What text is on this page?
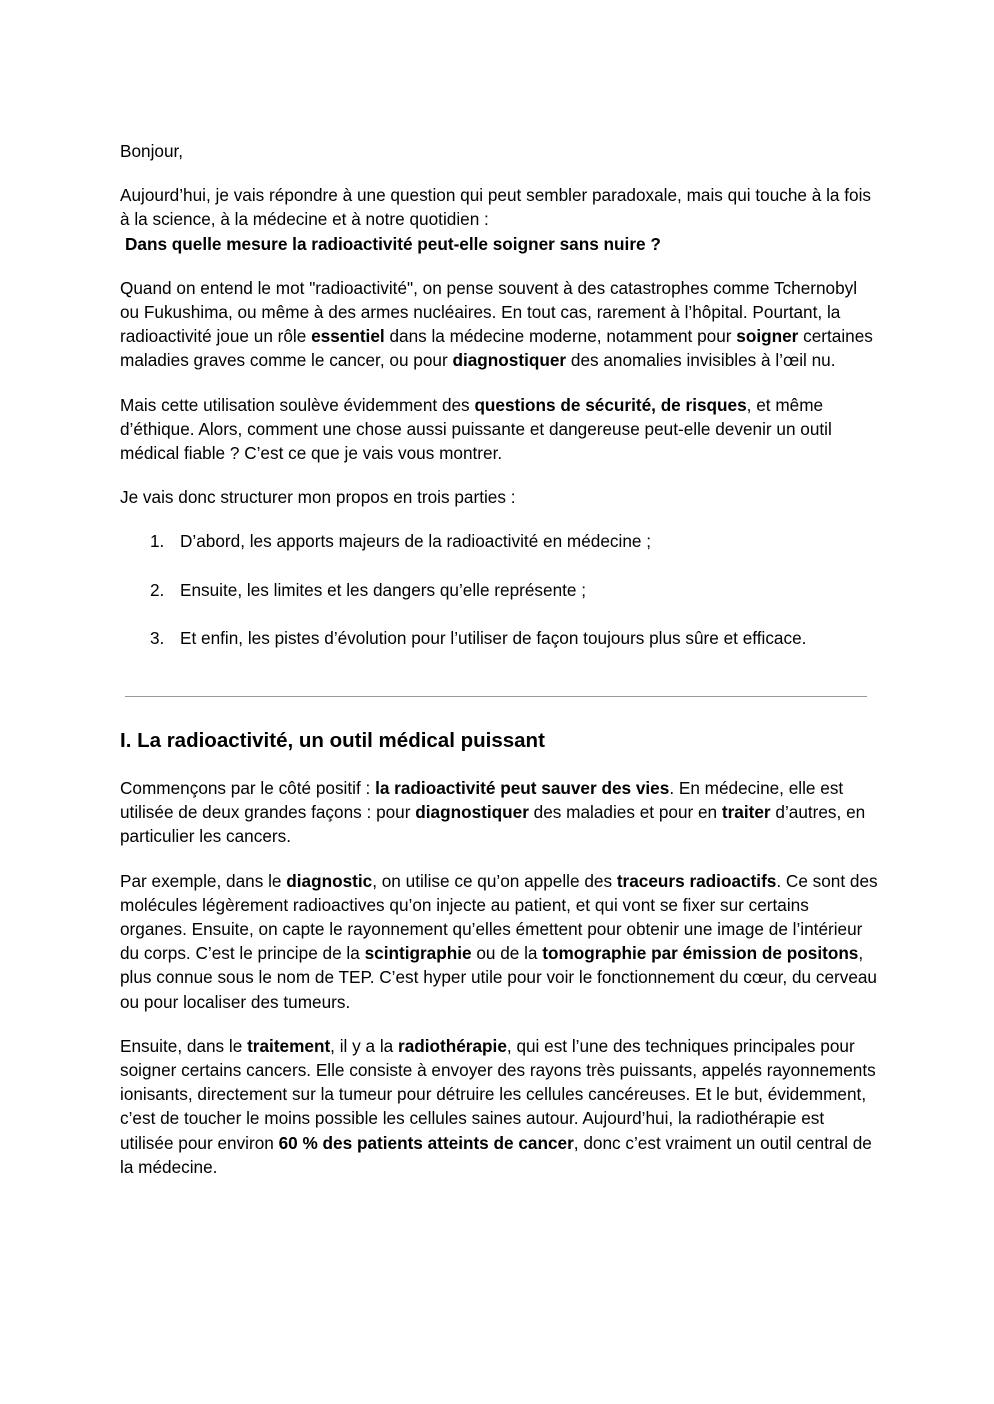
Bonjour,

Aujourd’hui, je vais répondre à une question qui peut sembler paradoxale, mais qui touche à la fois à la science, à la médecine et à notre quotidien :
Dans quelle mesure la radioactivité peut-elle soigner sans nuire ?

Quand on entend le mot "radioactivité", on pense souvent à des catastrophes comme Tchernobyl ou Fukushima, ou même à des armes nucléaires. En tout cas, rarement à l’hôpital. Pourtant, la radioactivité joue un rôle essentiel dans la médecine moderne, notamment pour soigner certaines maladies graves comme le cancer, ou pour diagnostiquer des anomalies invisibles à l’œil nu.

Mais cette utilisation soulève évidemment des questions de sécurité, de risques, et même d’éthique. Alors, comment une chose aussi puissante et dangereuse peut-elle devenir un outil médical fiable ? C’est ce que je vais vous montrer.

Je vais donc structurer mon propos en trois parties :

1. D’abord, les apports majeurs de la radioactivité en médecine ;
2. Ensuite, les limites et les dangers qu’elle représente ;
3. Et enfin, les pistes d’évolution pour l’utiliser de façon toujours plus sûre et efficace.
I. La radioactivité, un outil médical puissant

Commençons par le côté positif : la radioactivité peut sauver des vies. En médecine, elle est utilisée de deux grandes façons : pour diagnostiquer des maladies et pour en traiter d’autres, en particulier les cancers.

Par exemple, dans le diagnostic, on utilise ce qu’on appelle des traceurs radioactifs. Ce sont des molécules légèrement radioactives qu’on injecte au patient, et qui vont se fixer sur certains organes. Ensuite, on capte le rayonnement qu’elles émettent pour obtenir une image de l’intérieur du corps. C’est le principe de la scintigraphie ou de la tomographie par émission de positons, plus connue sous le nom de TEP. C’est hyper utile pour voir le fonctionnement du cœur, du cerveau ou pour localiser des tumeurs.

Ensuite, dans le traitement, il y a la radiothérapie, qui est l’une des techniques principales pour soigner certains cancers. Elle consiste à envoyer des rayons très puissants, appelés rayonnements ionisants, directement sur la tumeur pour détruire les cellules cancéreuses. Et le but, évidemment, c’est de toucher le moins possible les cellules saines autour. Aujourd’hui, la radiothérapie est utilisée pour environ 60 % des patients atteints de cancer, donc c’est vraiment un outil central de la médecine.
